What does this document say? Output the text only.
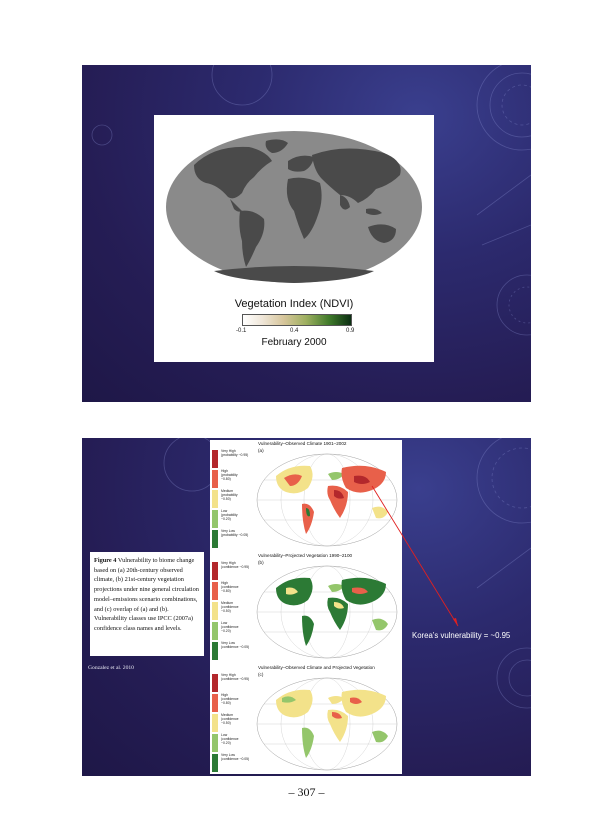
Vegetation Index (NDVI)
-0.1	0.4	0.9
February 2000
Vulnerability–Observed Climate 1901–2002
(a)
Very High
(probability ~0.95)
High
(probability
~0.80)
Medium
(probability
~0.50)
Low
(probability
~0.20)
Very Low
(probability ~0.05)
Vulnerability–Projected Vegetation 1990–2100
(b)
Very High
(confidence ~0.95)
High
(confidence
~0.80)
Medium
(confidence
~0.50)
Low
(confidence
~0.20)
Very Low
(confidence ~0.05)
Vulnerability–Observed Climate and Projected Vegetation
(c)
Very High
(confidence ~0.95)
High
(confidence
~0.80)
Medium
(confidence
~0.50)
Low
(confidence
~0.20)
Very Low
(confidence ~0.05)
Figure 4 Vulnerability to biome change based on (a) 20th-century observed climate, (b) 21st-century vegetation projections under nine general circulation model–emissions scenario combinations, and (c) overlap of (a) and (b). Vulnerability classes use IPCC (2007a) confidence class names and levels.
Gonzalez et al. 2010
Korea’s vulnerability = ~0.95
– 307 –
